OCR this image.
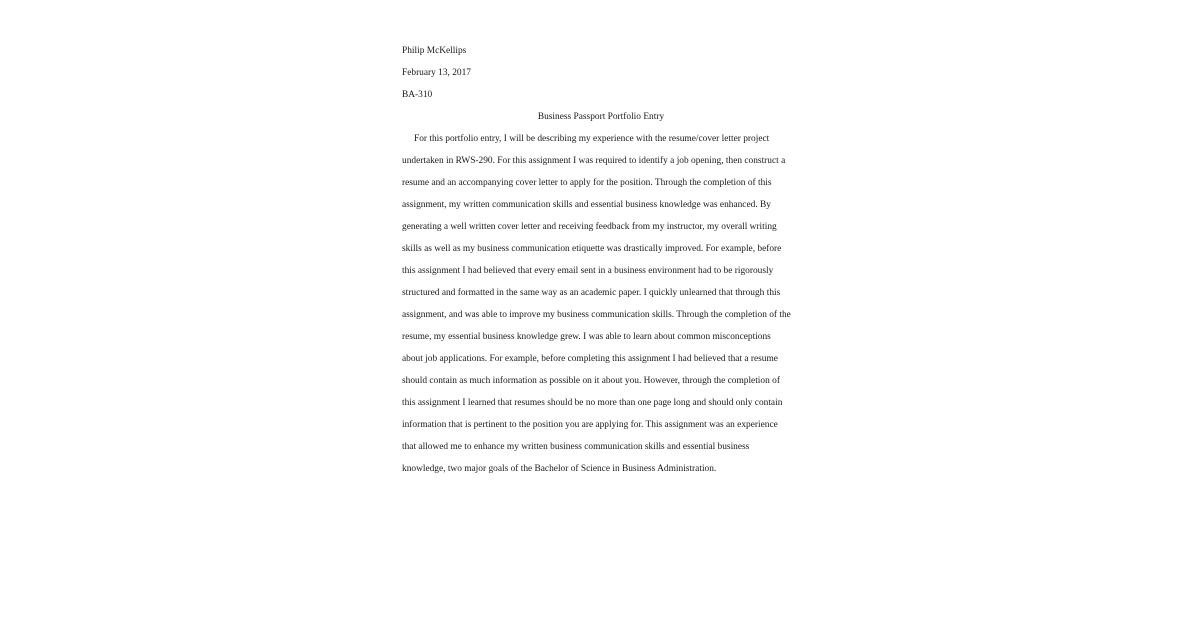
Philip McKellips
February 13, 2017
BA-310
Business Passport Portfolio Entry
For this portfolio entry, I will be describing my experience with the resume/cover letter project
undertaken in RWS-290. For this assignment I was required to identify a job opening, then construct a
resume and an accompanying cover letter to apply for the position. Through the completion of this
assignment, my written communication skills and essential business knowledge was enhanced. By
generating a well written cover letter and receiving feedback from my instructor, my overall writing
skills as well as my business communication etiquette was drastically improved. For example, before
this assignment I had believed that every email sent in a business environment had to be rigorously
structured and formatted in the same way as an academic paper. I quickly unlearned that through this
assignment, and was able to improve my business communication skills. Through the completion of the
resume, my essential business knowledge grew. I was able to learn about common misconceptions
about job applications. For example, before completing this assignment I had believed that a resume
should contain as much information as possible on it about you. However, through the completion of
this assignment I learned that resumes should be no more than one page long and should only contain
information that is pertinent to the position you are applying for. This assignment was an experience
that allowed me to enhance my written business communication skills and essential business
knowledge, two major goals of the Bachelor of Science in Business Administration.
